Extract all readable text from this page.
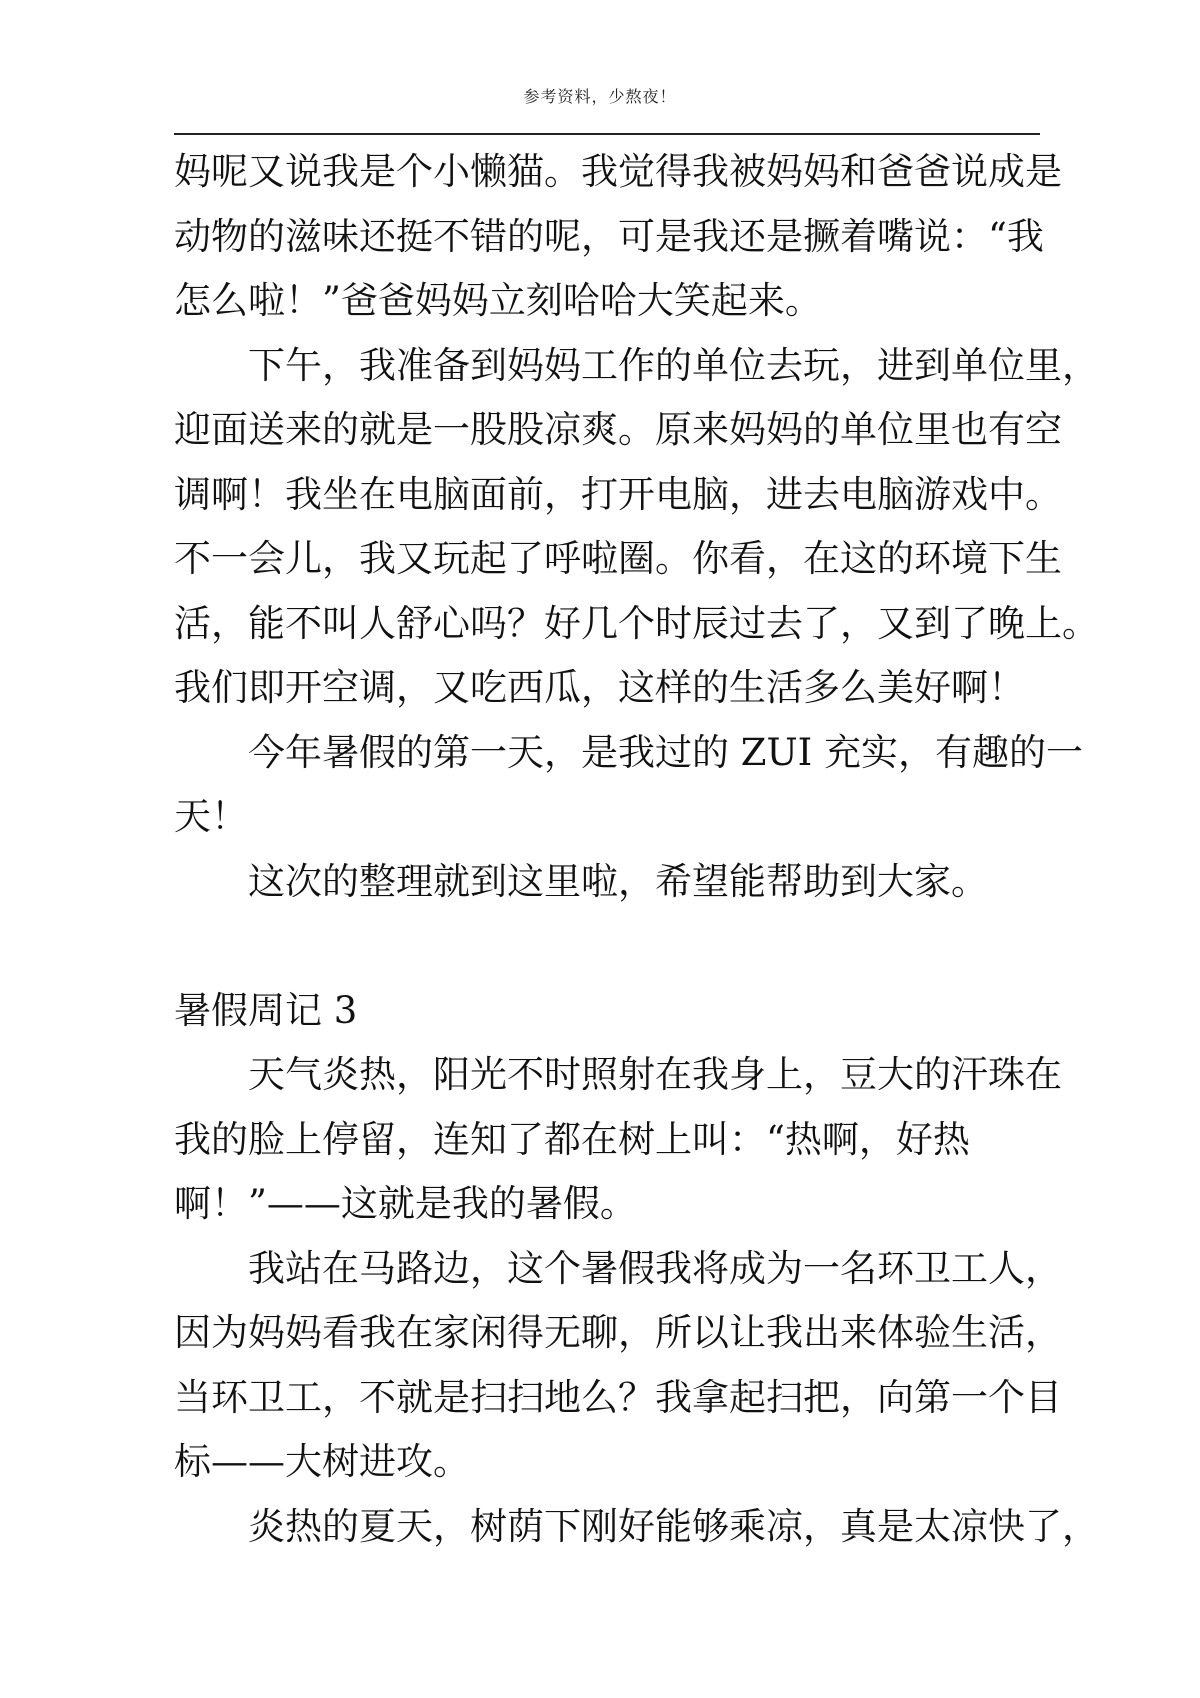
参考资料，少熬夜！
妈呢又说我是个小懒猫。我觉得我被妈妈和爸爸说成是
动物的滋味还挺不错的呢，可是我还是撅着嘴说：“我
怎么啦！”爸爸妈妈立刻哈哈大笑起来。
下午，我准备到妈妈工作的单位去玩，进到单位里，
迎面送来的就是一股股凉爽。原来妈妈的单位里也有空
调啊！我坐在电脑面前，打开电脑，进去电脑游戏中。
不一会儿，我又玩起了呼啦圈。你看，在这的环境下生
活，能不叫人舒心吗？好几个时辰过去了，又到了晚上。
我们即开空调，又吃西瓜，这样的生活多么美好啊！
今年暑假的第一天，是我过的 ZUI 充实，有趣的一
天！
这次的整理就到这里啦，希望能帮助到大家。
暑假周记 3
天气炎热，阳光不时照射在我身上，豆大的汗珠在
我的脸上停留，连知了都在树上叫：“热啊，好热
啊！”——这就是我的暑假。
我站在马路边，这个暑假我将成为一名环卫工人，
因为妈妈看我在家闲得无聊，所以让我出来体验生活，
当环卫工，不就是扫扫地么？我拿起扫把，向第一个目
标——大树进攻。
炎热的夏天，树荫下刚好能够乘凉，真是太凉快了，
